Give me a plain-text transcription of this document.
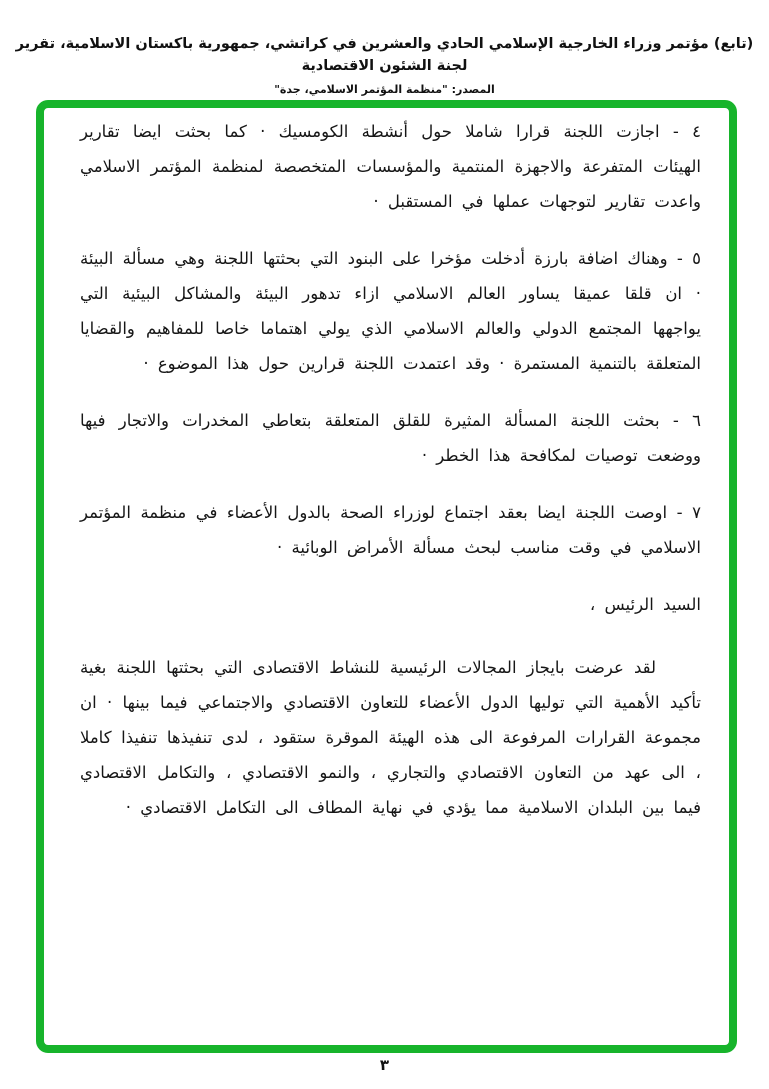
(تابع) مؤتمر وزراء الخارجية الإسلامي الحادي والعشرين في كراتشي، جمهورية باكستان الاسلامية، تقرير لجنة الشئون الاقتصادية
المصدر: "منظمة المؤتمر الاسلامي، جدة"

٤ - اجازت اللجنة قرارا شاملا حول أنشطة الكومسيك · كما بحثت ايضا تقارير الهيئات المتفرعة والاجهزة المنتمية والمؤسسات المتخصصة لمنظمة المؤتمر الاسلامي واعدت تقارير لتوجهات عملها في المستقبل ·

٥ - وهناك اضافة بارزة أدخلت مؤخرا على البنود التي بحثتها اللجنة وهي مسألة البيئة · ان قلقا عميقا يساور العالم الاسلامي ازاء تدهور البيئة والمشاكل البيئية التي يواجهها المجتمع الدولي والعالم الاسلامي الذي يولي اهتماما خاصا للمفاهيم والقضايا المتعلقة بالتنمية المستمرة · وقد اعتمدت اللجنة قرارين حول هذا الموضوع ·

٦ - بحثت اللجنة المسألة المثيرة للقلق المتعلقة بتعاطي المخدرات والاتجار فيها ووضعت توصيات لمكافحة هذا الخطر ·

٧ - اوصت اللجنة ايضا بعقد اجتماع لوزراء الصحة بالدول الأعضاء في منظمة المؤتمر الاسلامي في وقت مناسب لبحث مسألة الأمراض الوبائية ·

السيد الرئيس ،

لقد عرضت بايجاز المجالات الرئيسية للنشاط الاقتصادى التي بحثتها اللجنة بغية تأكيد الأهمية التي توليها الدول الأعضاء للتعاون الاقتصادي والاجتماعي فيما بينها · ان مجموعة القرارات المرفوعة الى هذه الهيئة الموقرة ستقود ، لدى تنفيذها تنفيذا كاملا ، الى عهد من التعاون الاقتصادي والتجاري ، والنمو الاقتصادي ، والتكامل الاقتصادي فيما بين البلدان الاسلامية مما يؤدي في نهاية المطاف الى التكامل الاقتصادي ·

٣
